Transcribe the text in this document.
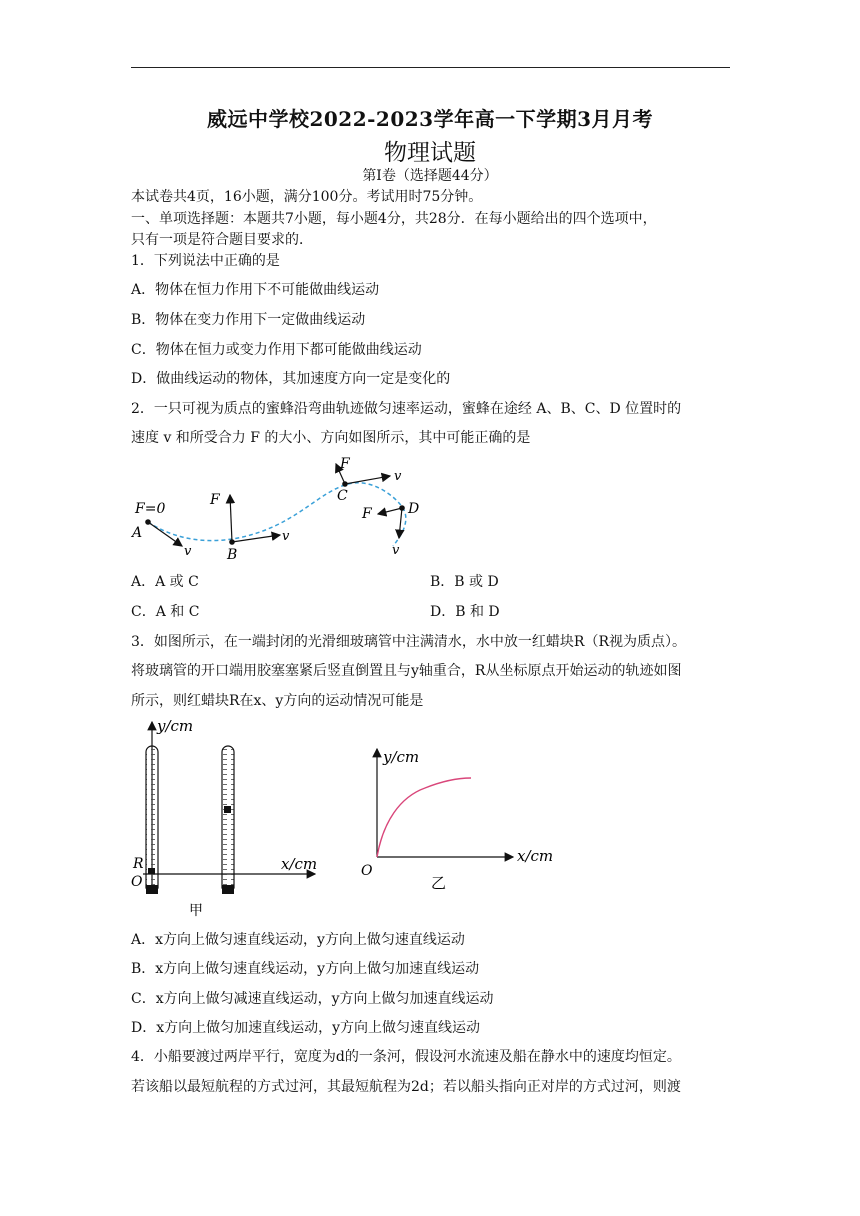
威远中学校2022-2023学年高一下学期3月月考
物理试题
第Ⅰ卷（选择题44分）
本试卷共4页，16小题，满分100分。考试用时75分钟。
一、单项选择题：本题共7小题，每小题4分，共28分．在每小题给出的四个选项中，
只有一项是符合题目要求的．
1．下列说法中正确的是
A．物体在恒力作用下不可能做曲线运动
B．物体在变力作用下一定做曲线运动
C．物体在恒力或变力作用下都可能做曲线运动
D．做曲线运动的物体，其加速度方向一定是变化的
2．一只可视为质点的蜜蜂沿弯曲轨迹做匀速率运动，蜜蜂在途经 A、B、C、D 位置时的
速度 v 和所受合力 F 的大小、方向如图所示，其中可能正确的是
F=0
A
v
F
B
v
F
C
v
F	D
v
A．A 或 C	B．B 或 D
C．A 和 C	D．B 和 D
3．如图所示，在一端封闭的光滑细玻璃管中注满清水，水中放一红蜡块R（R视为质点）。
将玻璃管的开口端用胶塞塞紧后竖直倒置且与y轴重合，R从坐标原点开始运动的轨迹如图
所示，则红蜡块R在x、y方向的运动情况可能是
y/cm
x/cm
R
O
甲
y/cm
x/cm
O
乙
A．x方向上做匀速直线运动，y方向上做匀速直线运动
B．x方向上做匀速直线运动，y方向上做匀加速直线运动
C．x方向上做匀减速直线运动，y方向上做匀加速直线运动
D．x方向上做匀加速直线运动，y方向上做匀速直线运动
4．小船要渡过两岸平行，宽度为d的一条河，假设河水流速及船在静水中的速度均恒定。
若该船以最短航程的方式过河，其最短航程为2d；若以船头指向正对岸的方式过河，则渡
